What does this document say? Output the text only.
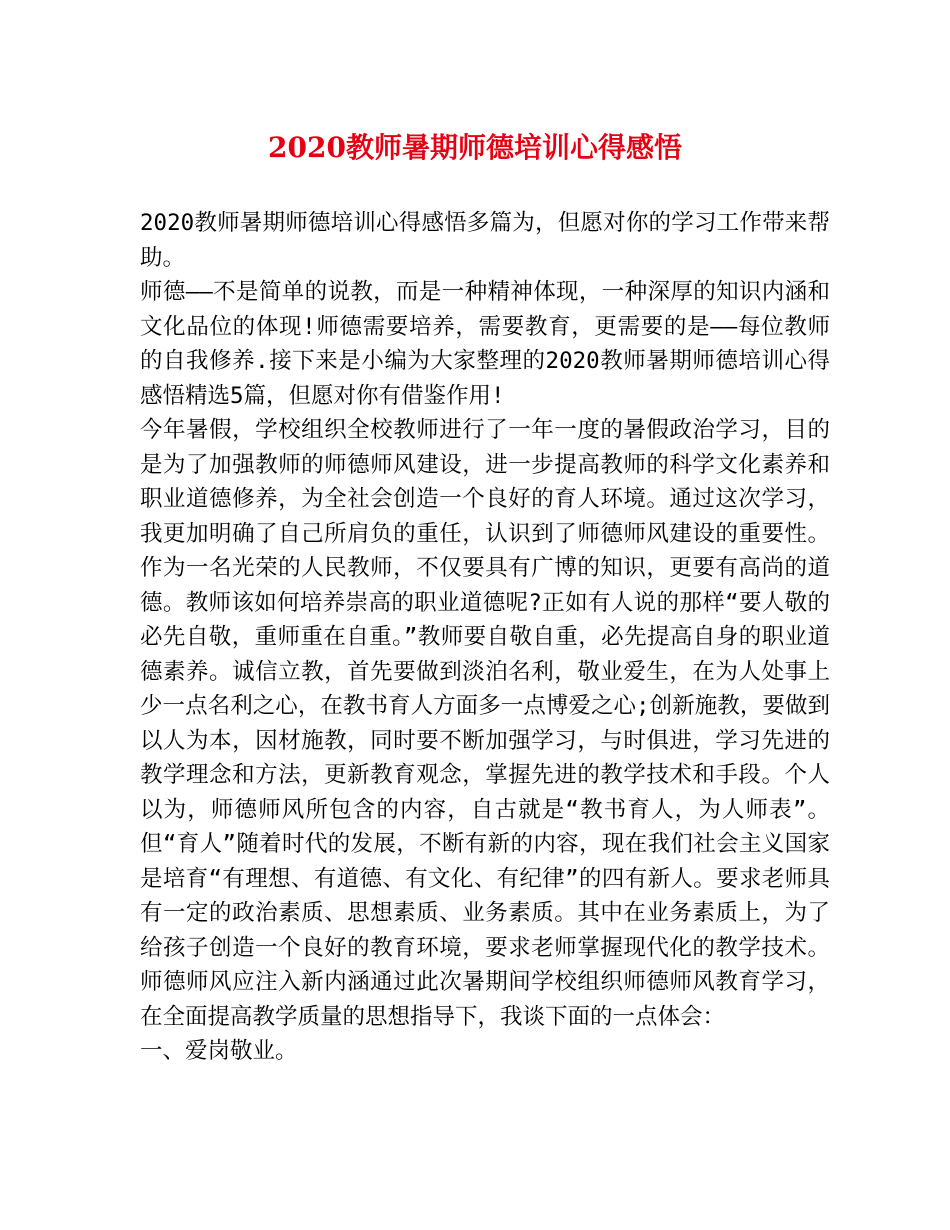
2020教师暑期师德培训心得感悟

2020教师暑期师德培训心得感悟多篇为，但愿对你的学习工作带来帮助。

师德——不是简单的说教，而是一种精神体现，一种深厚的知识内涵和文化品位的体现!师德需要培养，需要教育，更需要的是——每位教师的自我修养.接下来是小编为大家整理的2020教师暑期师德培训心得感悟精选5篇，但愿对你有借鉴作用!

今年暑假，学校组织全校教师进行了一年一度的暑假政治学习，目的是为了加强教师的师德师风建设，进一步提高教师的科学文化素养和职业道德修养，为全社会创造一个良好的育人环境。通过这次学习，我更加明确了自己所肩负的重任，认识到了师德师风建设的重要性。作为一名光荣的人民教师，不仅要具有广博的知识，更要有高尚的道德。教师该如何培养崇高的职业道德呢?正如有人说的那样“要人敬的必先自敬，重师重在自重。”教师要自敬自重，必先提高自身的职业道德素养。诚信立教，首先要做到淡泊名利，敬业爱生，在为人处事上少一点名利之心，在教书育人方面多一点博爱之心;创新施教，要做到以人为本，因材施教，同时要不断加强学习，与时俱进，学习先进的教学理念和方法，更新教育观念，掌握先进的教学技术和手段。个人以为，师德师风所包含的内容，自古就是“教书育人，为人师表”。但“育人”随着时代的发展，不断有新的内容，现在我们社会主义国家是培育“有理想、有道德、有文化、有纪律”的四有新人。要求老师具有一定的政治素质、思想素质、业务素质。其中在业务素质上，为了给孩子创造一个良好的教育环境，要求老师掌握现代化的教学技术。师德师风应注入新内涵通过此次暑期间学校组织师德师风教育学习，在全面提高教学质量的思想指导下，我谈下面的一点体会：

一、爱岗敬业。
